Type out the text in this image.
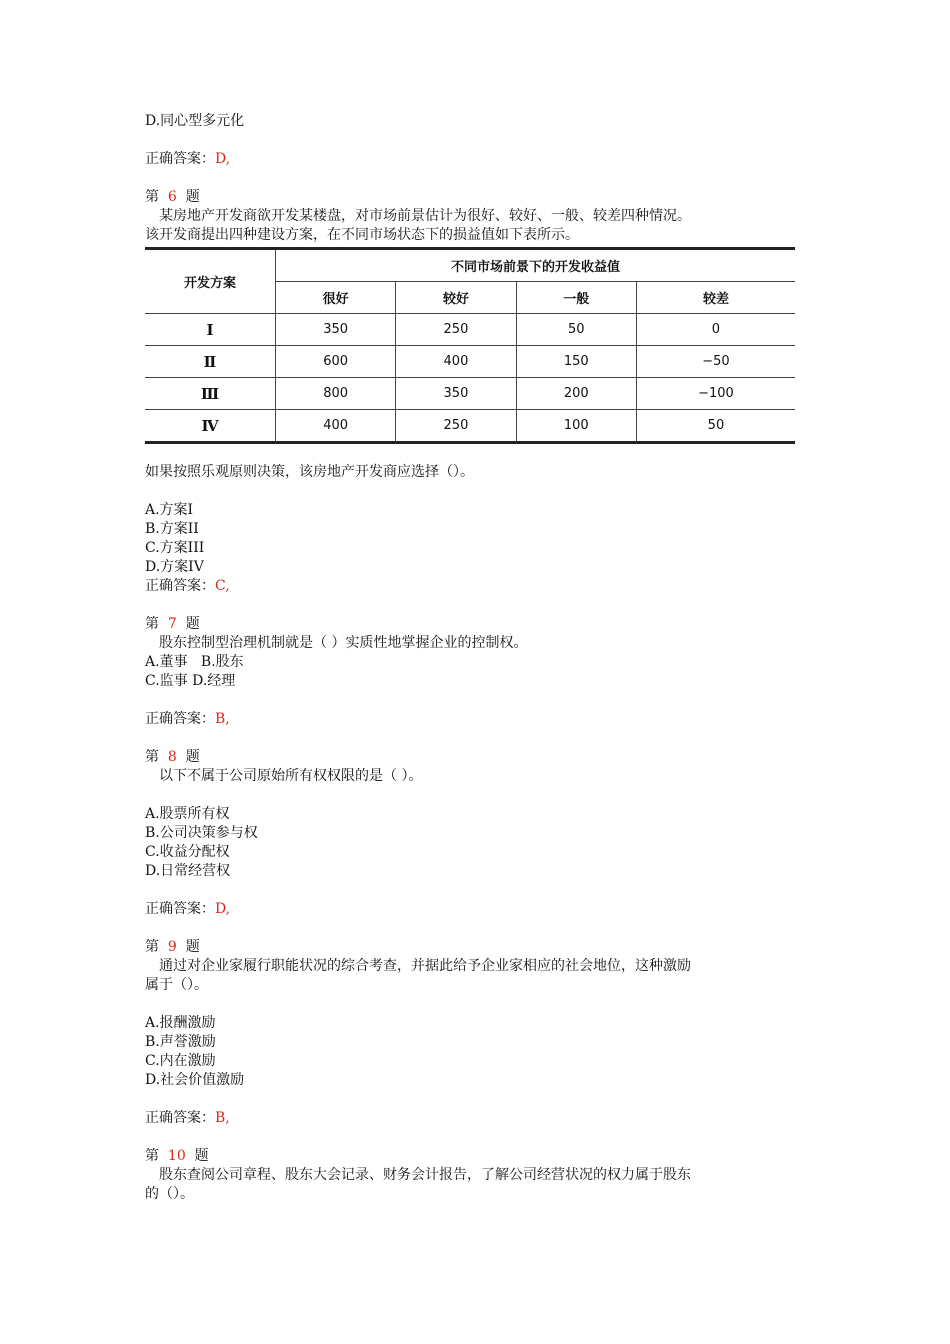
D.同心型多元化
正确答案：D,
第 6 题
某房地产开发商欲开发某楼盘，对市场前景估计为很好、较好、一般、较差四种情况。
该开发商提出四种建设方案，在不同市场状态下的损益值如下表所示。
开发方案	不同市场前景下的开发收益值			
	很好	较好	一般	较差
Ⅰ	350	250	50	0
Ⅱ	600	400	150	−50
Ⅲ	800	350	200	−100
Ⅳ	400	250	100	50
如果按照乐观原则决策，该房地产开发商应选择（）。
A.方案I
B.方案II
C.方案III
D.方案IV
正确答案：C,
第 7 题
股东控制型治理机制就是（ ）实质性地掌握企业的控制权。
A.董事   B.股东
C.监事 D.经理
正确答案：B,
第 8 题
以下不属于公司原始所有权权限的是（ ）。
A.股票所有权
B.公司决策参与权
C.收益分配权
D.日常经营权
正确答案：D,
第 9 题
通过对企业家履行职能状况的综合考查，并据此给予企业家相应的社会地位，这种激励
属于（）。
A.报酬激励
B.声誉激励
C.内在激励
D.社会价值激励
正确答案：B,
第 10 题
股东查阅公司章程、股东大会记录、财务会计报告，了解公司经营状况的权力属于股东
的（）。
